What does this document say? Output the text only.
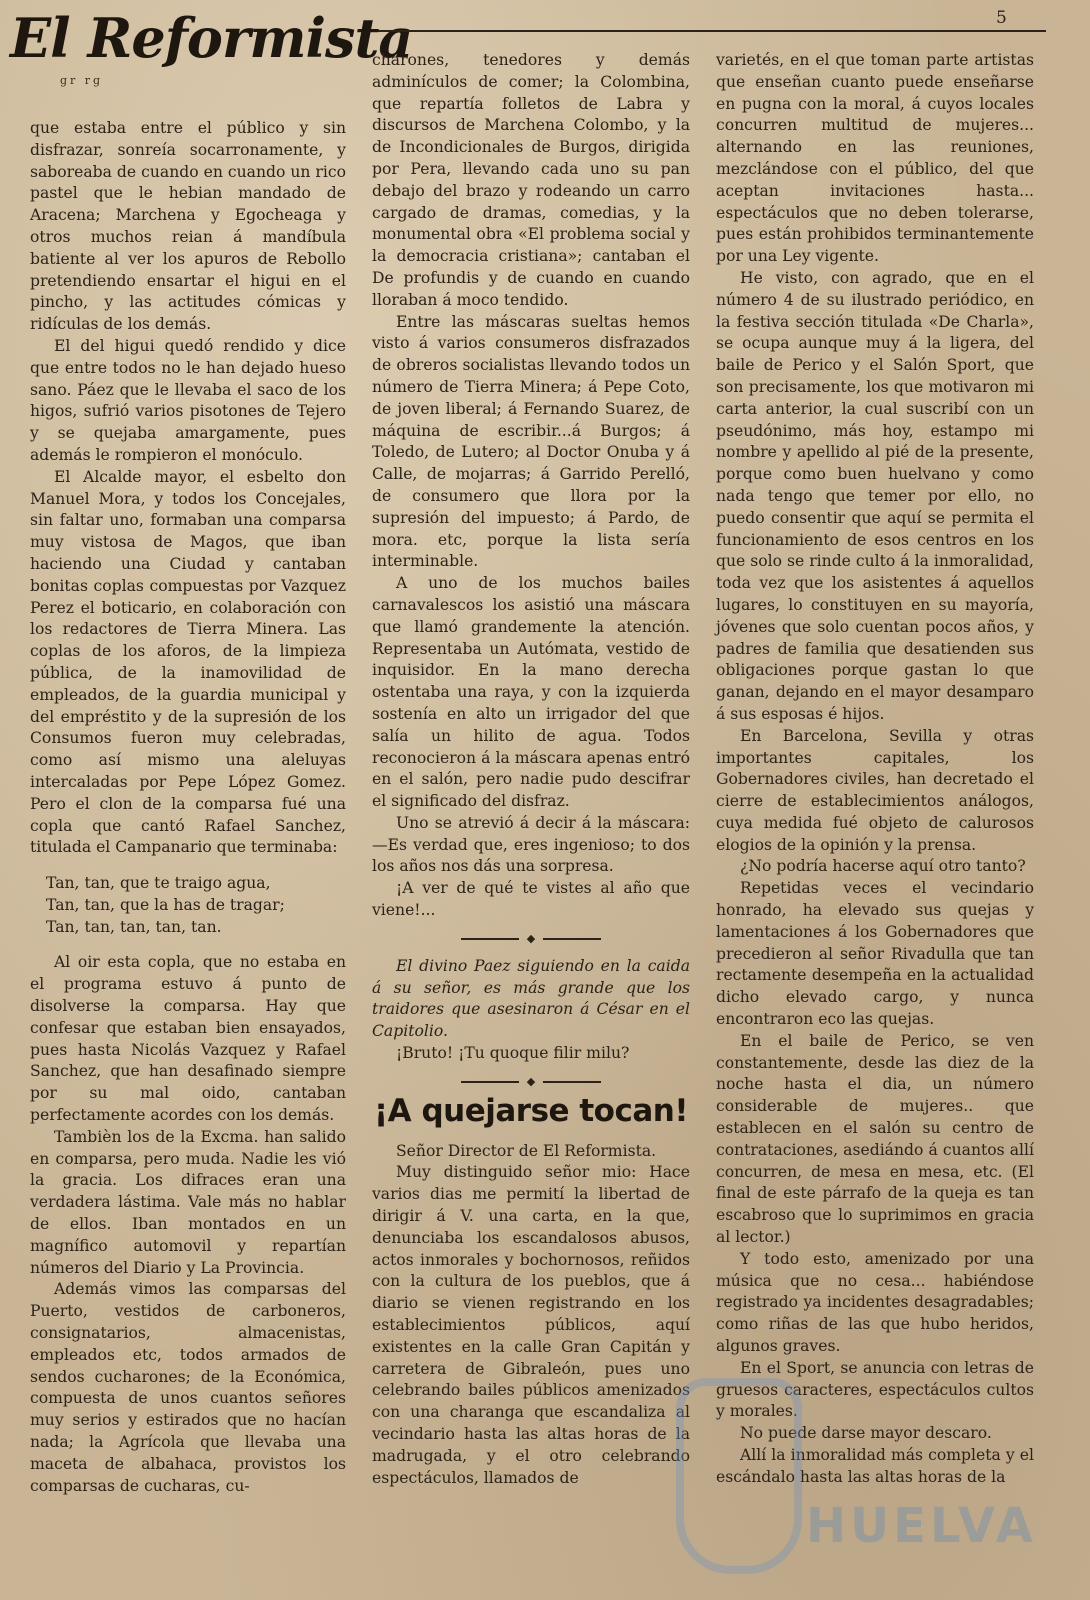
El Reformista
gr rg
5

que estaba entre el público y sin disfrazar, sonreía socarronamente, y saboreaba de cuando en cuando un rico pastel que le hebian mandado de Aracena; Marchena y Egocheaga y otros muchos reian á mandíbula batiente al ver los apuros de Rebollo pretendiendo ensartar el higui en el pincho, y las actitudes cómicas y ridículas de los demás.

El del higui quedó rendido y dice que entre todos no le han dejado hueso sano. Páez que le llevaba el saco de los higos, sufrió varios pisotones de Tejero y se quejaba amargamente, pues además le rompieron el monóculo.

El Alcalde mayor, el esbelto don Manuel Mora, y todos los Concejales, sin faltar uno, formaban una comparsa muy vistosa de Magos, que iban haciendo una Ciudad y cantaban bonitas coplas compuestas por Vazquez Perez el boticario, en colaboración con los redactores de Tierra Minera. Las coplas de los aforos, de la limpieza pública, de la inamovilidad de empleados, de la guardia municipal y del empréstito y de la supresión de los Consumos fueron muy celebradas, como así mismo una aleluyas intercaladas por Pepe López Gomez. Pero el clon de la comparsa fué una copla que cantó Rafael Sanchez, titulada el Campanario que terminaba:

Tan, tan, que te traigo agua,
Tan, tan, que la has de tragar;
Tan, tan, tan, tan, tan.

Al oir esta copla, que no estaba en el programa estuvo á punto de disolverse la comparsa. Hay que confesar que estaban bien ensayados, pues hasta Nicolás Vazquez y Rafael Sanchez, que han desafinado siempre por su mal oido, cantaban perfectamente acordes con los demás.

Tambièn los de la Excma. han salido en comparsa, pero muda. Nadie les vió la gracia. Los difraces eran una verdadera lástima. Vale más no hablar de ellos. Iban montados en un magnífico automovil y repartían números del Diario y La Provincia.

Además vimos las comparsas del Puerto, vestidos de carboneros, consignatarios, almacenistas, empleados etc, todos armados de sendos cucharones; de la Económica, compuesta de unos cuantos señores muy serios y estirados que no hacían nada; la Agrícola que llevaba una maceta de albahaca, provistos los comparsas de cucharas, cu-

charones, tenedores y demás adminículos de comer; la Colombina, que repartía folletos de Labra y discursos de Marchena Colombo, y la de Incondicionales de Burgos, dirigida por Pera, llevando cada uno su pan debajo del brazo y rodeando un carro cargado de dramas, comedias, y la monumental obra «El problema social y la democracia cristiana»; cantaban el De profundis y de cuando en cuando lloraban á moco tendido.

Entre las máscaras sueltas hemos visto á varios consumeros disfrazados de obreros socialistas llevando todos un número de Tierra Minera; á Pepe Coto, de joven liberal; á Fernando Suarez, de máquina de escribir...á Burgos; á Toledo, de Lutero; al Doctor Onuba y á Calle, de mojarras; á Garrido Perelló, de consumero que llora por la supresión del impuesto; á Pardo, de mora. etc, porque la lista sería interminable.

A uno de los muchos bailes carnavalescos los asistió una máscara que llamó grandemente la atención. Representaba un Autómata, vestido de inquisidor. En la mano derecha ostentaba una raya, y con la izquierda sostenía en alto un irrigador del que salía un hilito de agua. Todos reconocieron á la máscara apenas entró en el salón, pero nadie pudo descifrar el significado del disfraz.

Uno se atrevió á decir á la máscara: —Es verdad que, eres ingenioso; to dos los años nos dás una sorpresa.

¡A ver de qué te vistes al año que viene!...

◆

El divino Paez siguiendo en la caida á su señor, es más grande que los traidores que asesinaron á César en el Capitolio.

¡Bruto! ¡Tu quoque filir milu?

◆
¡A quejarse tocan!

Señor Director de El Reformista.

Muy distinguido señor mio: Hace varios dias me permití la libertad de dirigir á V. una carta, en la que, denunciaba los escandalosos abusos, actos inmorales y bochornosos, reñidos con la cultura de los pueblos, que á diario se vienen registrando en los establecimientos públicos, aquí existentes en la calle Gran Capitán y carretera de Gibraleón, pues uno celebrando bailes públicos amenizados con una charanga que escandaliza al vecindario hasta las altas horas de la madrugada, y el otro celebrando espectáculos, llamados de

varietés, en el que toman parte artistas que enseñan cuanto puede enseñarse en pugna con la moral, á cuyos locales concurren multitud de mujeres... alternando en las reuniones, mezclándose con el público, del que aceptan invitaciones hasta... espectáculos que no deben tolerarse, pues están prohibidos terminantemente por una Ley vigente.

He visto, con agrado, que en el número 4 de su ilustrado periódico, en la festiva sección titulada «De Charla», se ocupa aunque muy á la ligera, del baile de Perico y el Salón Sport, que son precisamente, los que motivaron mi carta anterior, la cual suscribí con un pseudónimo, más hoy, estampo mi nombre y apellido al pié de la presente, porque como buen huelvano y como nada tengo que temer por ello, no puedo consentir que aquí se permita el funcionamiento de esos centros en los que solo se rinde culto á la inmoralidad, toda vez que los asistentes á aquellos lugares, lo constituyen en su mayoría, jóvenes que solo cuentan pocos años, y padres de familia que desatienden sus obligaciones porque gastan lo que ganan, dejando en el mayor desamparo á sus esposas é hijos.

En Barcelona, Sevilla y otras importantes capitales, los Gobernadores civiles, han decretado el cierre de establecimientos análogos, cuya medida fué objeto de calurosos elogios de la opinión y la prensa.

¿No podría hacerse aquí otro tanto?

Repetidas veces el vecindario honrado, ha elevado sus quejas y lamentaciones á los Gobernadores que precedieron al señor Rivadulla que tan rectamente desempeña en la actualidad dicho elevado cargo, y nunca encontraron eco las quejas.

En el baile de Perico, se ven constantemente, desde las diez de la noche hasta el dia, un número considerable de mujeres.. que establecen en el salón su centro de contrataciones, asediándo á cuantos allí concurren, de mesa en mesa, etc. (El final de este párrafo de la queja es tan escabroso que lo suprimimos en gracia al lector.)

Y todo esto, amenizado por una música que no cesa... habiéndose registrado ya incidentes desagradables; como riñas de las que hubo heridos, algunos graves.

En el Sport, se anuncia con letras de gruesos caracteres, espectáculos cultos y morales.

No puede darse mayor descaro.

Allí la inmoralidad más completa y el escándalo hasta las altas horas de la

HUELVA
